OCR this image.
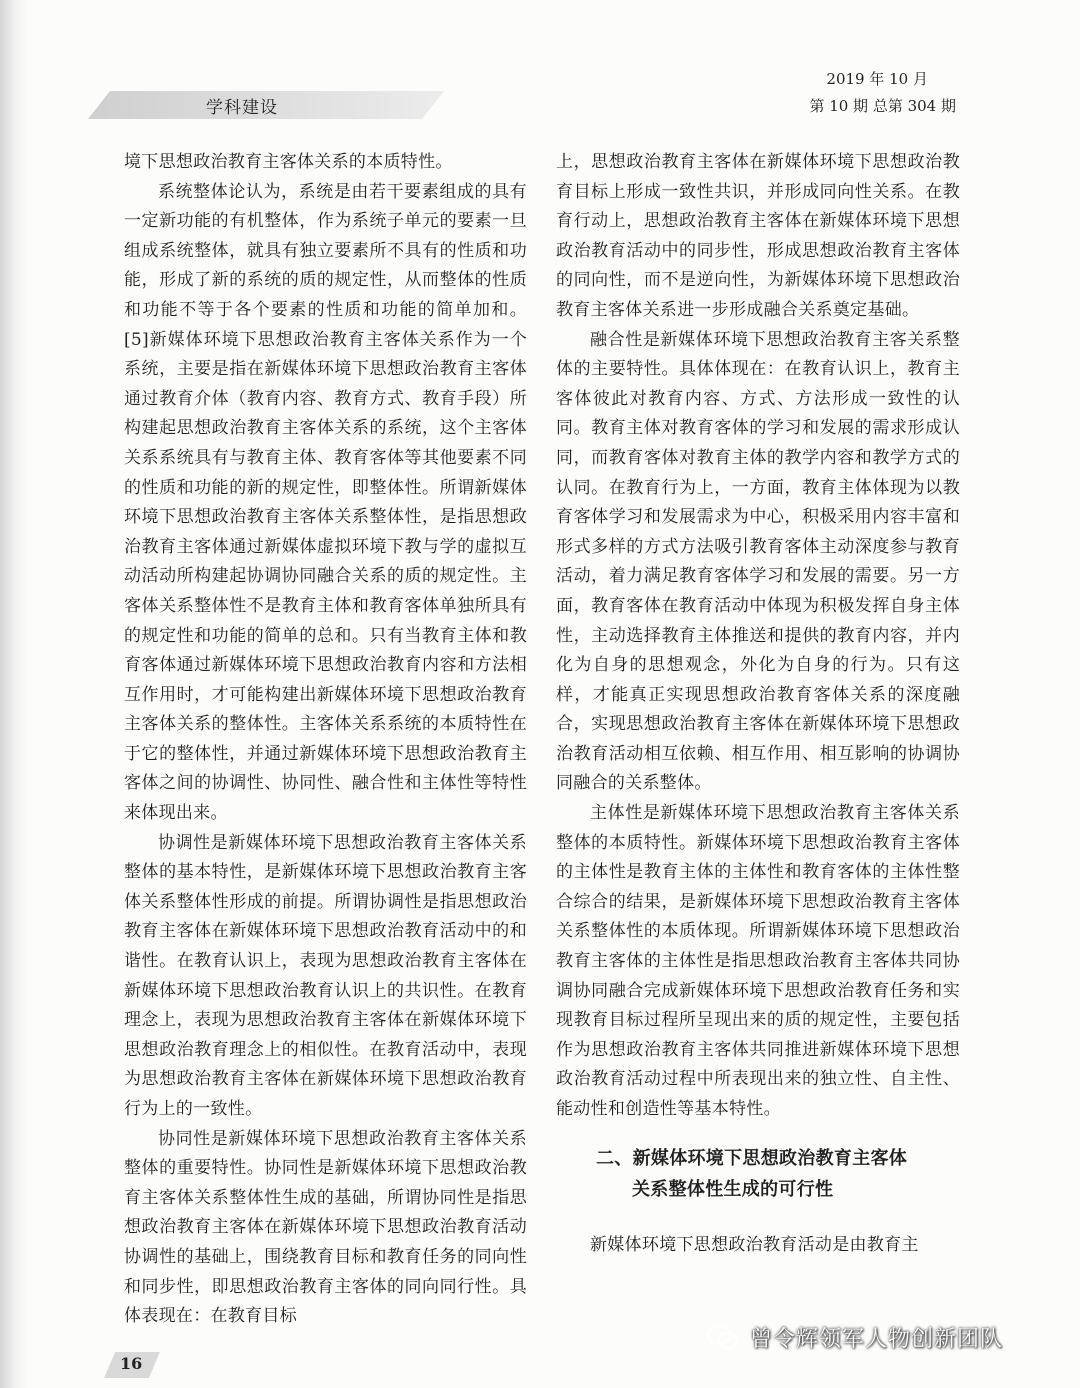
学科建设
2019 年 10 月
第 10 期 总第 304 期

境下思想政治教育主客体关系的本质特性。

系统整体论认为，系统是由若干要素组成的具有一定新功能的有机整体，作为系统子单元的要素一旦组成系统整体，就具有独立要素所不具有的性质和功能，形成了新的系统的质的规定性，从而整体的性质和功能不等于各个要素的性质和功能的简单加和。[5]新媒体环境下思想政治教育主客体关系作为一个系统，主要是指在新媒体环境下思想政治教育主客体通过教育介体（教育内容、教育方式、教育手段）所构建起思想政治教育主客体关系的系统，这个主客体关系系统具有与教育主体、教育客体等其他要素不同的性质和功能的新的规定性，即整体性。所谓新媒体环境下思想政治教育主客体关系整体性，是指思想政治教育主客体通过新媒体虚拟环境下教与学的虚拟互动活动所构建起协调协同融合关系的质的规定性。主客体关系整体性不是教育主体和教育客体单独所具有的规定性和功能的简单的总和。只有当教育主体和教育客体通过新媒体环境下思想政治教育内容和方法相互作用时，才可能构建出新媒体环境下思想政治教育主客体关系的整体性。主客体关系系统的本质特性在于它的整体性，并通过新媒体环境下思想政治教育主客体之间的协调性、协同性、融合性和主体性等特性来体现出来。

协调性是新媒体环境下思想政治教育主客体关系整体的基本特性，是新媒体环境下思想政治教育主客体关系整体性形成的前提。所谓协调性是指思想政治教育主客体在新媒体环境下思想政治教育活动中的和谐性。在教育认识上，表现为思想政治教育主客体在新媒体环境下思想政治教育认识上的共识性。在教育理念上，表现为思想政治教育主客体在新媒体环境下思想政治教育理念上的相似性。在教育活动中，表现为思想政治教育主客体在新媒体环境下思想政治教育行为上的一致性。

协同性是新媒体环境下思想政治教育主客体关系整体的重要特性。协同性是新媒体环境下思想政治教育主客体关系整体性生成的基础，所谓协同性是指思想政治教育主客体在新媒体环境下思想政治教育活动协调性的基础上，围绕教育目标和教育任务的同向性和同步性，即思想政治教育主客体的同向同行性。具体表现在：在教育目标

上，思想政治教育主客体在新媒体环境下思想政治教育目标上形成一致性共识，并形成同向性关系。在教育行动上，思想政治教育主客体在新媒体环境下思想政治教育活动中的同步性，形成思想政治教育主客体的同向性，而不是逆向性，为新媒体环境下思想政治教育主客体关系进一步形成融合关系奠定基础。

融合性是新媒体环境下思想政治教育主客关系整体的主要特性。具体体现在：在教育认识上，教育主客体彼此对教育内容、方式、方法形成一致性的认同。教育主体对教育客体的学习和发展的需求形成认同，而教育客体对教育主体的教学内容和教学方式的认同。在教育行为上，一方面，教育主体体现为以教育客体学习和发展需求为中心，积极采用内容丰富和形式多样的方式方法吸引教育客体主动深度参与教育活动，着力满足教育客体学习和发展的需要。另一方面，教育客体在教育活动中体现为积极发挥自身主体性，主动选择教育主体推送和提供的教育内容，并内化为自身的思想观念，外化为自身的行为。只有这样，才能真正实现思想政治教育客体关系的深度融合，实现思想政治教育主客体在新媒体环境下思想政治教育活动相互依赖、相互作用、相互影响的协调协同融合的关系整体。

主体性是新媒体环境下思想政治教育主客体关系整体的本质特性。新媒体环境下思想政治教育主客体的主体性是教育主体的主体性和教育客体的主体性整合综合的结果，是新媒体环境下思想政治教育主客体关系整体性的本质体现。所谓新媒体环境下思想政治教育主客体的主体性是指思想政治教育主客体共同协调协同融合完成新媒体环境下思想政治教育任务和实现教育目标过程所呈现出来的质的规定性，主要包括作为思想政治教育主客体共同推进新媒体环境下思想政治教育活动过程中所表现出来的独立性、自主性、能动性和创造性等基本特性。

二、新媒体环境下思想政治教育主客体
关系整体性生成的可行性

新媒体环境下思想政治教育活动是由教育主

16
曾令辉领军人物创新团队
